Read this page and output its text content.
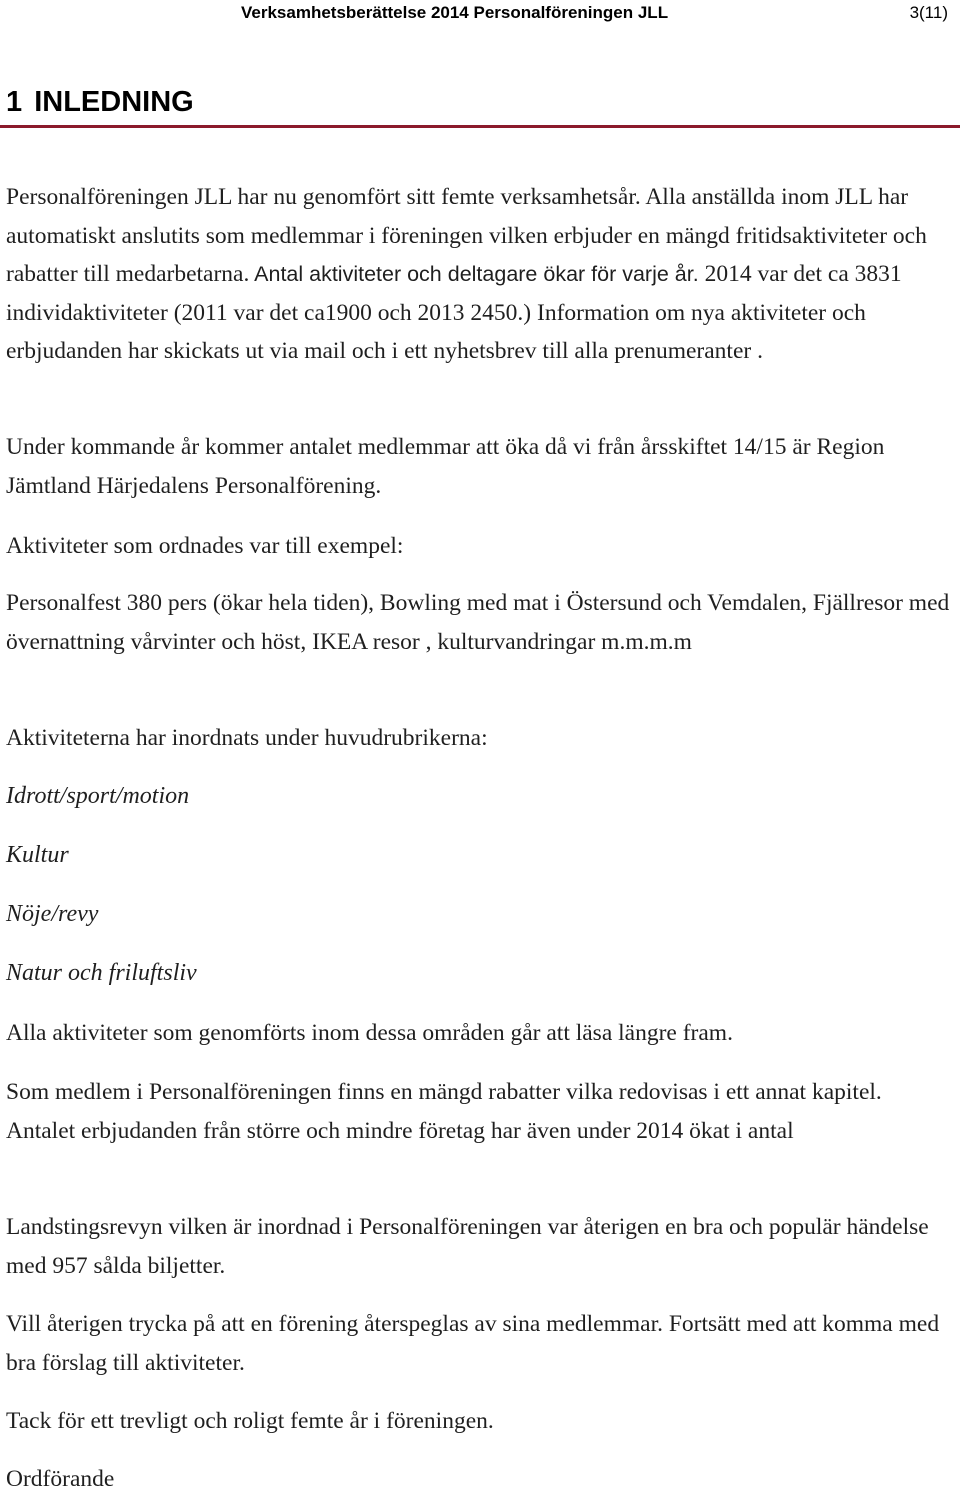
Verksamhetsberättelse 2014 Personalföreningen JLL	3(11)
1 INLEDNING

Personalföreningen JLL har nu genomfört sitt femte verksamhetsår. Alla anställda inom JLL har automatiskt anslutits som medlemmar i föreningen vilken erbjuder en mängd fritidsaktiviteter och rabatter till medarbetarna. Antal aktiviteter och deltagare ökar för varje år. 2014 var det ca 3831 individaktiviteter (2011 var det ca1900 och 2013 2450.) Information om nya aktiviteter och erbjudanden har skickats ut via mail och i ett nyhetsbrev till alla prenumeranter .

Under kommande år kommer antalet medlemmar att öka då vi från årsskiftet 14/15 är Region Jämtland Härjedalens Personalförening.

Aktiviteter som ordnades var till exempel:

Personalfest 380 pers (ökar hela tiden), Bowling med mat i Östersund och Vemdalen, Fjällresor med övernattning vårvinter och höst, IKEA resor , kulturvandringar m.m.m.m

Aktiviteterna har inordnats under huvudrubrikerna:

Idrott/sport/motion

Kultur

Nöje/revy

Natur och friluftsliv

Alla aktiviteter som genomförts inom dessa områden går att läsa längre fram.

Som medlem i Personalföreningen finns en mängd rabatter vilka redovisas i ett annat kapitel. Antalet erbjudanden från större och mindre företag har även under 2014 ökat i antal

Landstingsrevyn vilken är inordnad i Personalföreningen var återigen en bra och populär händelse med 957 sålda biljetter.

Vill återigen trycka på att en förening återspeglas av sina medlemmar. Fortsätt med att komma med bra förslag till aktiviteter.

Tack för ett trevligt och roligt femte år i föreningen.

Ordförande
